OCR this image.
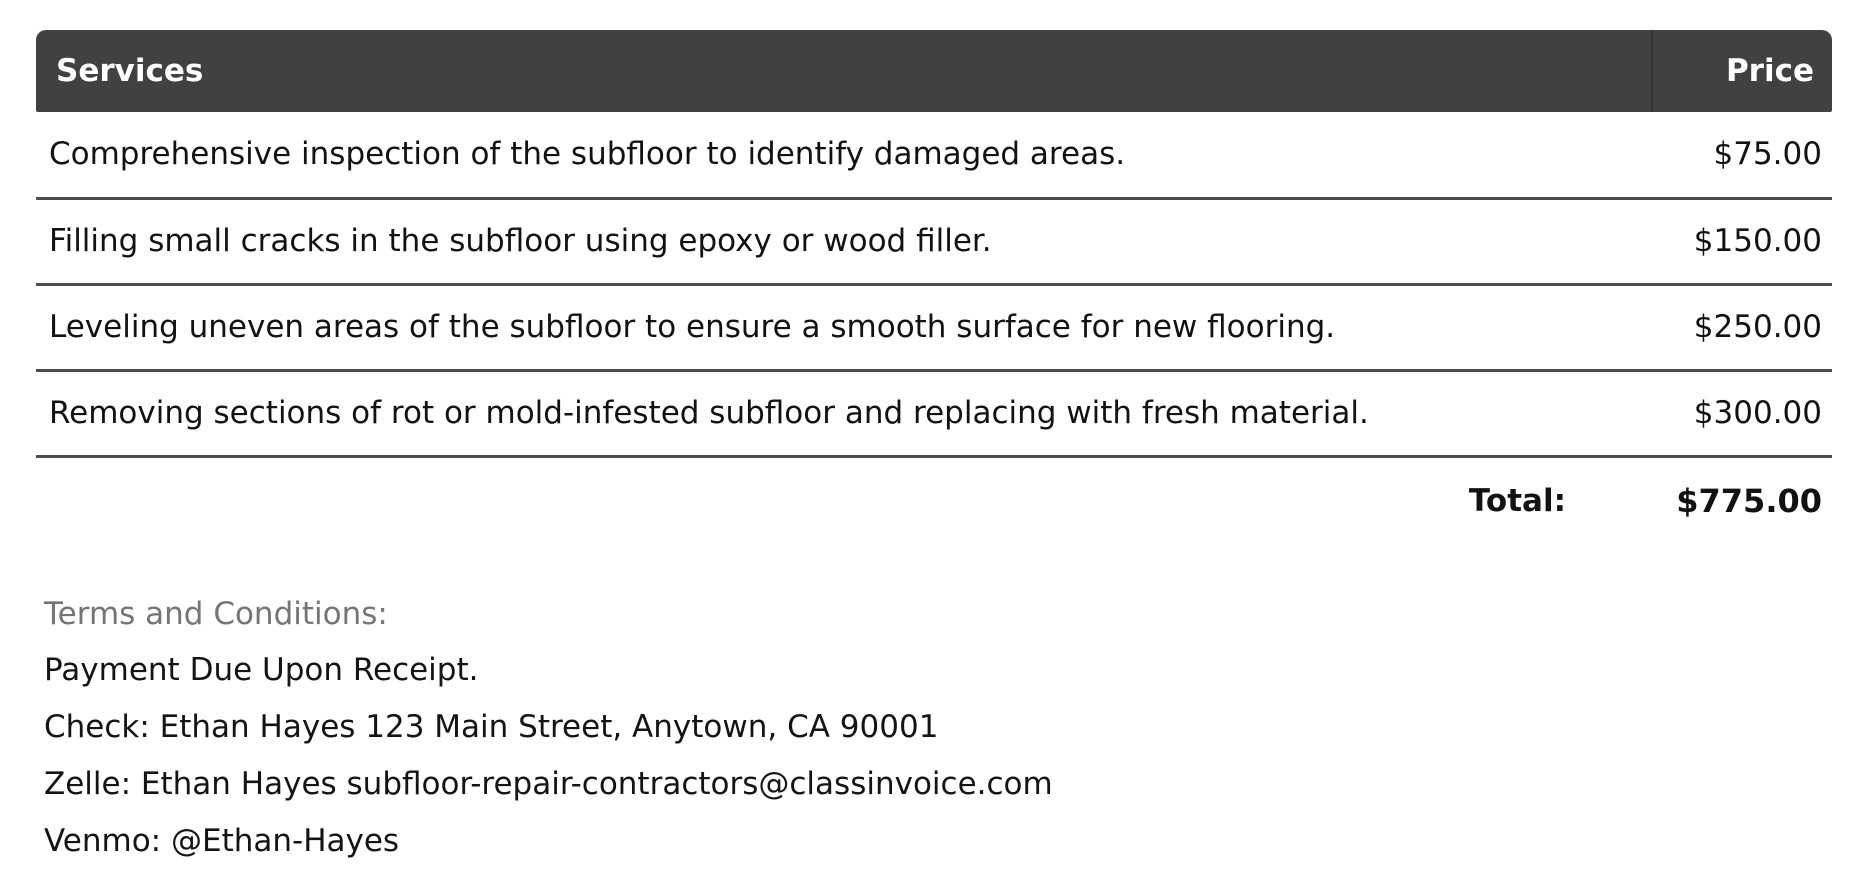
Services	Price
Comprehensive inspection of the subfloor to identify damaged areas.	$75.00
Filling small cracks in the subfloor using epoxy or wood filler.	$150.00
Leveling uneven areas of the subfloor to ensure a smooth surface for new flooring.	$250.00
Removing sections of rot or mold-infested subfloor and replacing with fresh material.	$300.00
Total:	$775.00
Terms and Conditions:
Payment Due Upon Receipt.
Check: Ethan Hayes 123 Main Street, Anytown, CA 90001
Zelle: Ethan Hayes subfloor-repair-contractors@classinvoice.com
Venmo: @Ethan-Hayes
